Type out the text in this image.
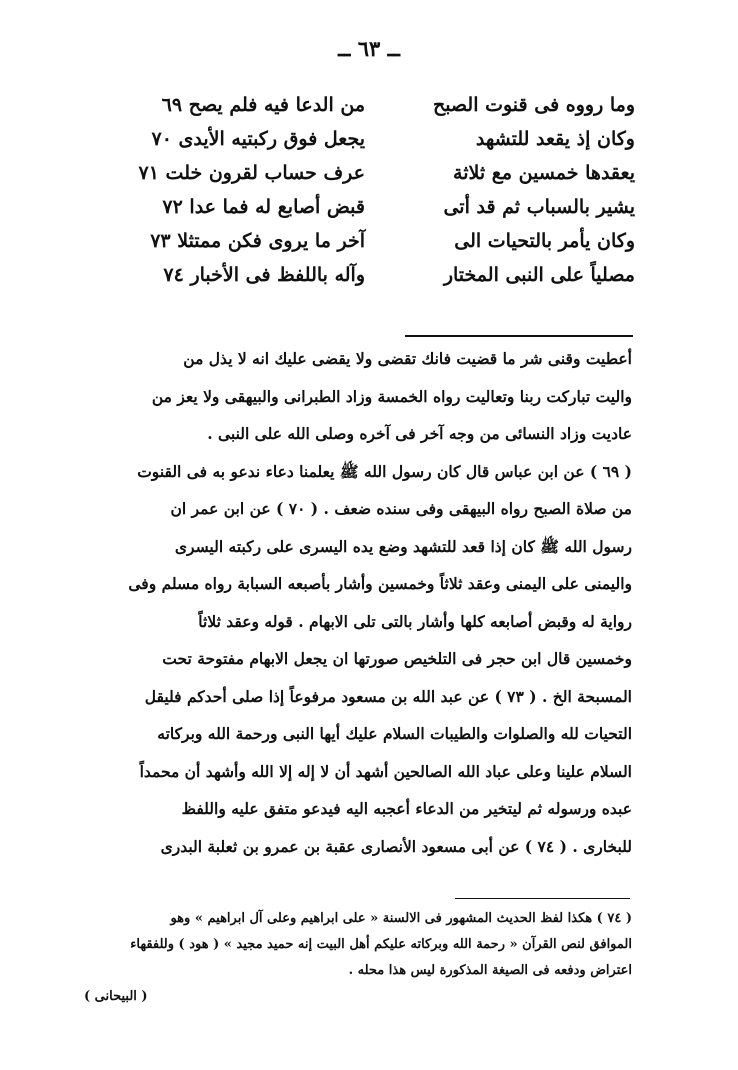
ــ ٦٣ ــ
وما رووه فى قنوت الصبح
من الدعا فيه فلم يصح ٦٩
وكان إذ يقعد للتشهد
يجعل فوق ركبتيه الأيدى ٧٠
يعقدها خمسين مع ثلاثة
عرف حساب لقرون خلت ٧١
يشير بالسباب ثم قد أتى
قبض أصابع له فما عدا ٧٢
وكان يأمر بالتحيات الى
آخر ما يروى فكن ممتثلا ٧٣
مصلياً على النبى المختار
وآله باللفظ فى الأخبار ٧٤
أعطيت وقنى شر ما قضيت فانك تقضى ولا يقضى عليك انه لا يذل من
واليت تباركت ربنا وتعاليت رواه الخمسة وزاد الطبرانى والبيهقى ولا يعز من
عاديت وزاد النسائى من وجه آخر فى آخره وصلى الله على النبى .
( ٦٩ ) عن ابن عباس قال كان رسول الله ﷺ يعلمنا دعاء ندعو به فى القنوت
من صلاة الصبح رواه البيهقى وفى سنده ضعف . ( ٧٠ ) عن ابن عمر ان
رسول الله ﷺ كان إذا قعد للتشهد وضع يده اليسرى على ركبته اليسرى
واليمنى على اليمنى وعقد ثلاثاً وخمسين وأشار بأصبعه السبابة رواه مسلم وفى
رواية له وقبض أصابعه كلها وأشار بالتى تلى الابهام . قوله وعقد ثلاثاً
وخمسين قال ابن حجر فى التلخيص صورتها ان يجعل الابهام مفتوحة تحت
المسبحة الخ . ( ٧٣ ) عن عبد الله بن مسعود مرفوعاً إذا صلى أحدكم فليقل
التحيات لله والصلوات والطيبات السلام عليك أيها النبى ورحمة الله وبركاته
السلام علينا وعلى عباد الله الصالحين أشهد أن لا إله إلا الله وأشهد أن محمداً
عبده ورسوله ثم ليتخير من الدعاء أعجبه اليه فيدعو متفق عليه واللفظ
للبخارى . ( ٧٤ ) عن أبى مسعود الأنصارى عقبة بن عمرو بن ثعلبة البدرى
( ٧٤ ) هكذا لفظ الحديث المشهور فى الالسنة « على ابراهيم وعلى آل ابراهيم » وهو
الموافق لنص القرآن « رحمة الله وبركاته عليكم أهل البيت إنه حميد مجيد » ( هود ) وللفقهاء
اعتراض ودفعه فى الصيغة المذكورة ليس هذا محله .
( البيحانى )
